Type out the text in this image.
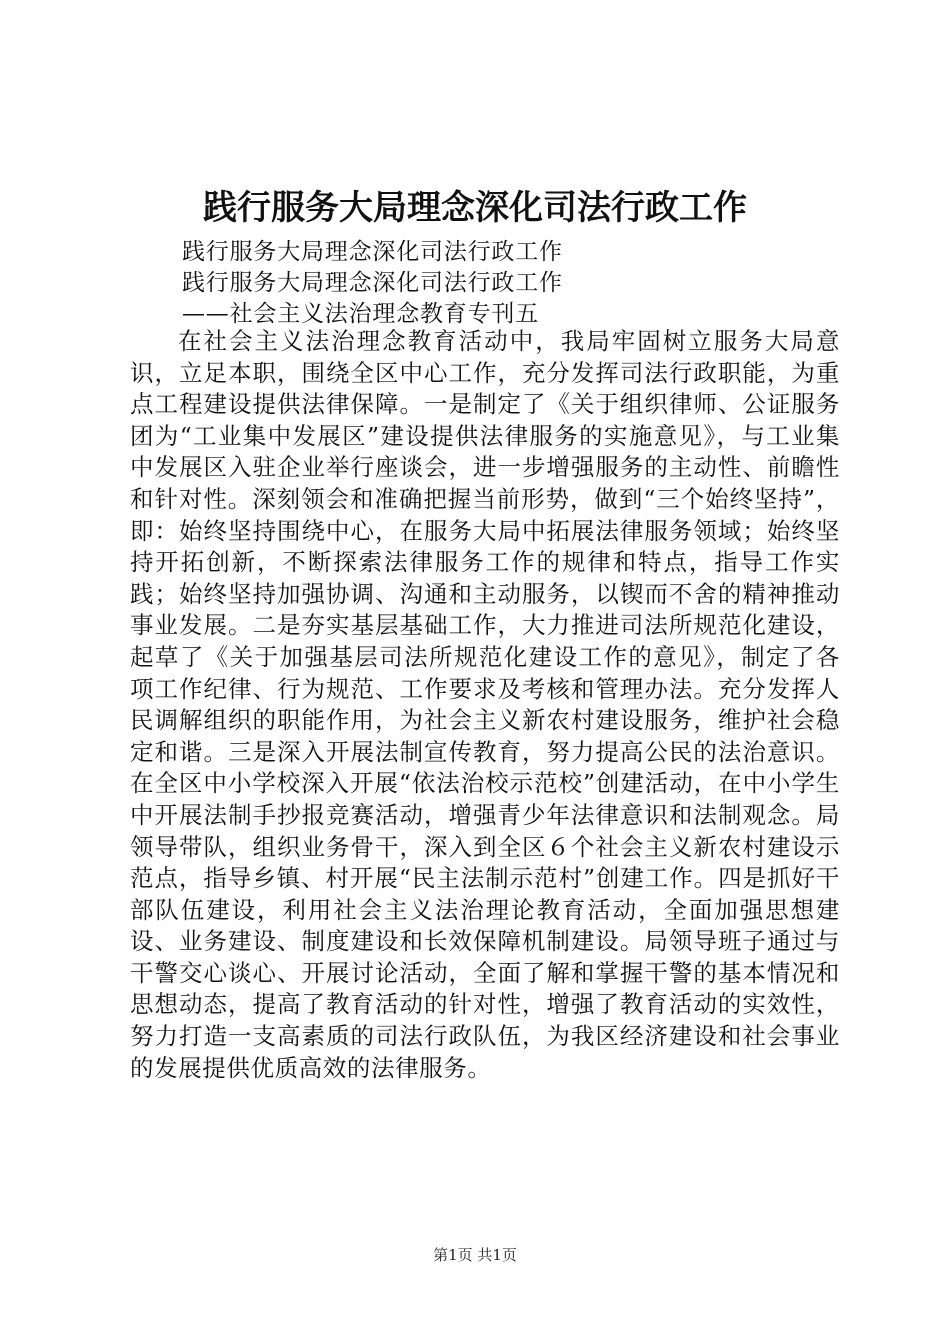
践行服务大局理念深化司法行政工作
践行服务大局理念深化司法行政工作
践行服务大局理念深化司法行政工作
——社会主义法治理念教育专刊五

在社会主义法治理念教育活动中，我局牢固树立服务大局意识，立足本职，围绕全区中心工作，充分发挥司法行政职能，为重点工程建设提供法律保障。一是制定了《关于组织律师、公证服务团为“工业集中发展区”建设提供法律服务的实施意见》，与工业集中发展区入驻企业举行座谈会，进一步增强服务的主动性、前瞻性和针对性。深刻领会和准确把握当前形势，做到“三个始终坚持”，即：始终坚持围绕中心，在服务大局中拓展法律服务领域；始终坚持开拓创新，不断探索法律服务工作的规律和特点，指导工作实践；始终坚持加强协调、沟通和主动服务，以锲而不舍的精神推动事业发展。二是夯实基层基础工作，大力推进司法所规范化建设，起草了《关于加强基层司法所规范化建设工作的意见》，制定了各项工作纪律、行为规范、工作要求及考核和管理办法。充分发挥人民调解组织的职能作用，为社会主义新农村建设服务，维护社会稳定和谐。三是深入开展法制宣传教育，努力提高公民的法治意识。在全区中小学校深入开展“依法治校示范校”创建活动，在中小学生中开展法制手抄报竞赛活动，增强青少年法律意识和法制观念。局领导带队，组织业务骨干，深入到全区６个社会主义新农村建设示范点，指导乡镇、村开展“民主法制示范村”创建工作。四是抓好干部队伍建设，利用社会主义法治理论教育活动，全面加强思想建设、业务建设、制度建设和长效保障机制建设。局领导班子通过与干警交心谈心、开展讨论活动，全面了解和掌握干警的基本情况和思想动态，提高了教育活动的针对性，增强了教育活动的实效性，努力打造一支高素质的司法行政队伍，为我区经济建设和社会事业的发展提供优质高效的法律服务。

第1页 共1页
